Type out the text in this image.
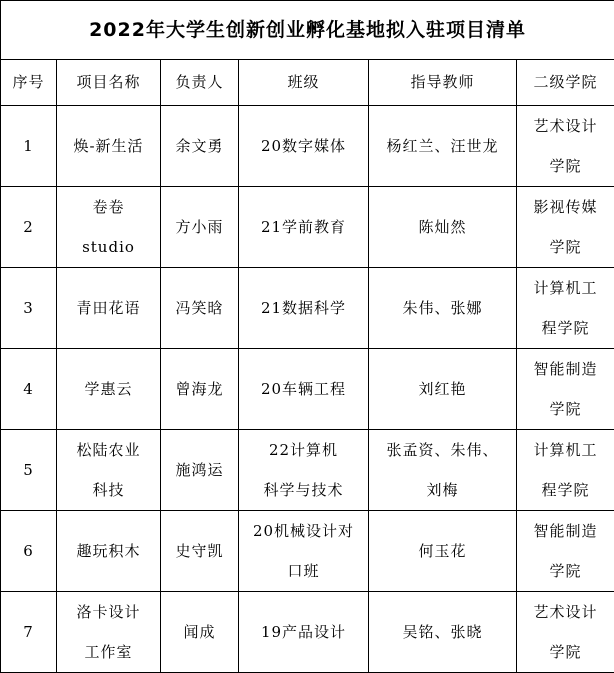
2022年大学生创新创业孵化基地拟入驻项目清单					
序号	项目名称	负责人	班级	指导教师	二级学院

1	焕-新生活	余文勇	20数字媒体	杨红兰、汪世龙	艺术设计
学院

2	卷卷
studio	方小雨	21学前教育	陈灿然	影视传媒
学院

3	青田花语	冯笑晗	21数据科学	朱伟、张娜	计算机工
程学院

4	学惠云	曾海龙	20车辆工程	刘红艳	智能制造
学院

5	松陆农业
科技	施鸿运	22计算机
科学与技术	张孟资、朱伟、
刘梅	计算机工
程学院

6	趣玩积木	史守凯	20机械设计对
口班	何玉花	智能制造
学院

7	洛卡设计
工作室	闻成	19产品设计	吴铭、张晓	艺术设计
学院
